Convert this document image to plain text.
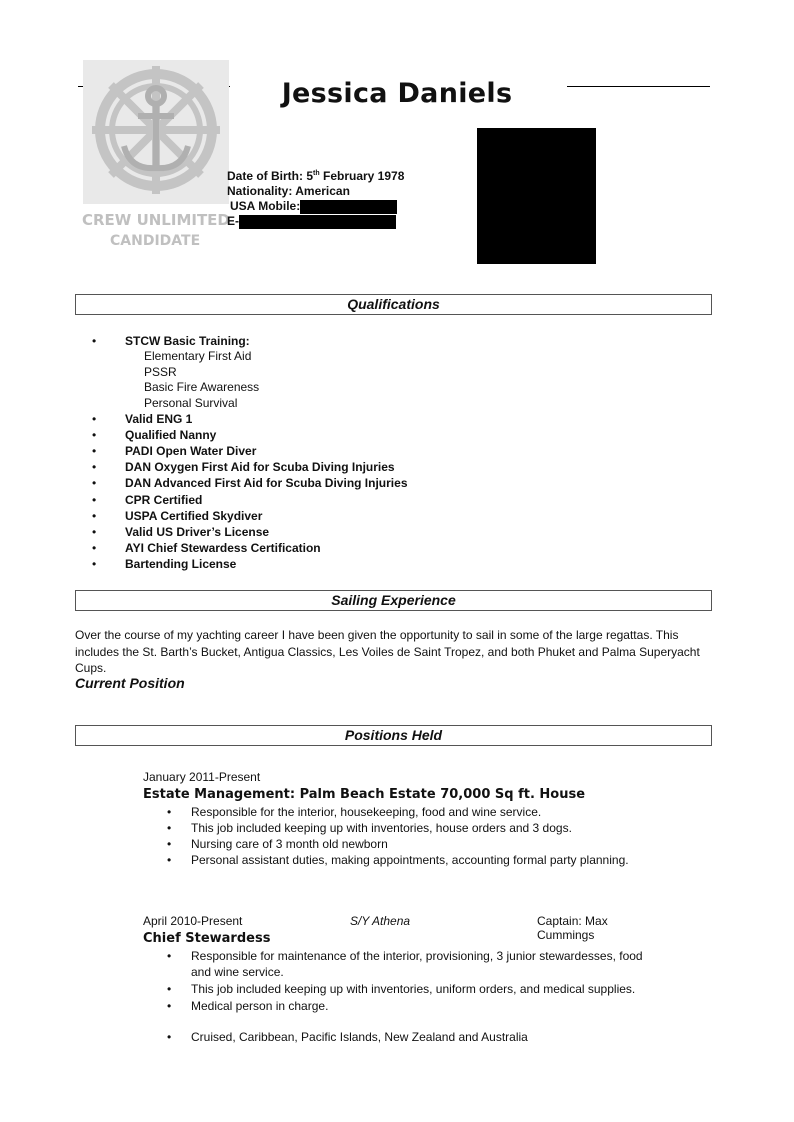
CREW UNLIMITED
CANDIDATE
Jessica Daniels
Date of Birth: 5th February 1978
Nationality: American
USA Mobile:
E-
Qualifications
• STCW Basic Training:
Elementary First Aid
PSSR
Basic Fire Awareness
Personal Survival
• Valid ENG 1
• Qualified Nanny
• PADI Open Water Diver
• DAN Oxygen First Aid for Scuba Diving Injuries
• DAN Advanced First Aid for Scuba Diving Injuries
• CPR Certified
• USPA Certified Skydiver
• Valid US Driver’s License
• AYI Chief Stewardess Certification
• Bartending License
Sailing Experience
Over the course of my yachting career I have been given the opportunity to sail in some of the large regattas. This includes the St. Barth’s Bucket, Antigua Classics, Les Voiles de Saint Tropez, and both Phuket and Palma Superyacht Cups.
Current Position
Positions Held
January 2011-Present
Estate Management: Palm Beach Estate 70,000 Sq ft. House
• Responsible for the interior, housekeeping, food and wine service.
• This job included keeping up with inventories, house orders and 3 dogs.
• Nursing care of 3 month old newborn
• Personal assistant duties, making appointments, accounting formal party planning.
April 2010-Present	S/Y Athena	Captain: Max Cummings
Chief Stewardess
• Responsible for maintenance of the interior, provisioning, 3 junior stewardesses, food and wine service.
• This job included keeping up with inventories, uniform orders, and medical supplies.
• Medical person in charge.
• Cruised, Caribbean, Pacific Islands, New Zealand and Australia
